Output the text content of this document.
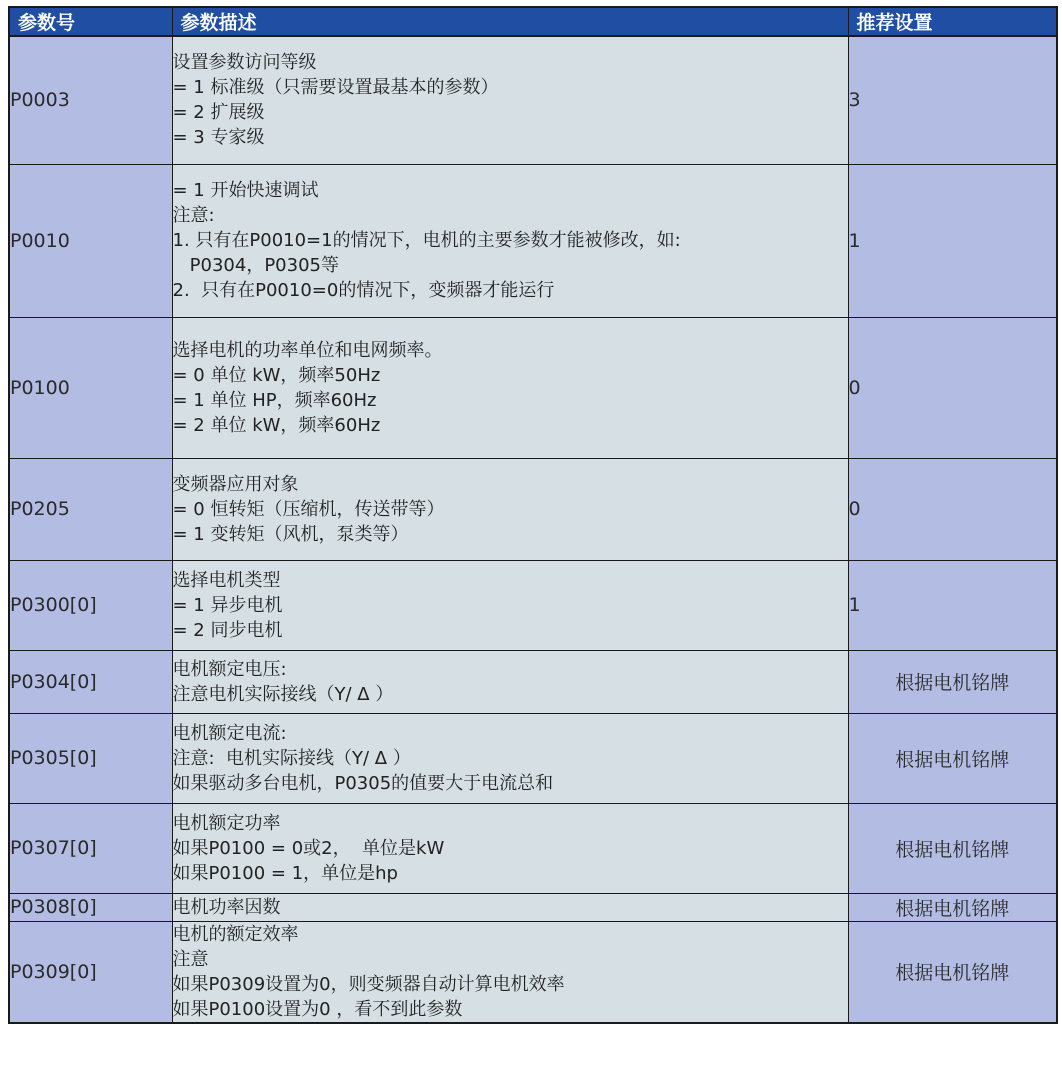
参数号	参数描述	推荐设置
P0003	设置参数访问等级
= 1 标准级（只需要设置最基本的参数）
= 2 扩展级
= 3 专家级	3
P0010	= 1 开始快速调试
注意:
1. 只有在P0010=1的情况下，电机的主要参数才能被修改，如:
P0304，P0305等
2.  只有在P0010=0的情况下，变频器才能运行	1
P0100	选择电机的功率单位和电网频率。
= 0 单位 kW，频率50Hz
= 1 单位 HP，频率60Hz
= 2 单位 kW，频率60Hz	0
P0205	变频器应用对象
= 0 恒转矩（压缩机，传送带等）
= 1 变转矩（风机，泵类等）	0
P0300[0]	选择电机类型
= 1 异步电机
= 2 同步电机	1
P0304[0]	电机额定电压:
注意电机实际接线（Y/ Δ ）	根据电机铭牌
P0305[0]	电机额定电流:
注意:  电机实际接线（Y/ Δ ）
如果驱动多台电机，P0305的值要大于电流总和	根据电机铭牌
P0307[0]	电机额定功率
如果P0100 = 0或2，  单位是kW
如果P0100 = 1，单位是hp	根据电机铭牌
P0308[0]	电机功率因数	根据电机铭牌
P0309[0]	电机的额定效率
注意
如果P0309设置为0，则变频器自动计算电机效率
如果P0100设置为0 ，看不到此参数	根据电机铭牌
